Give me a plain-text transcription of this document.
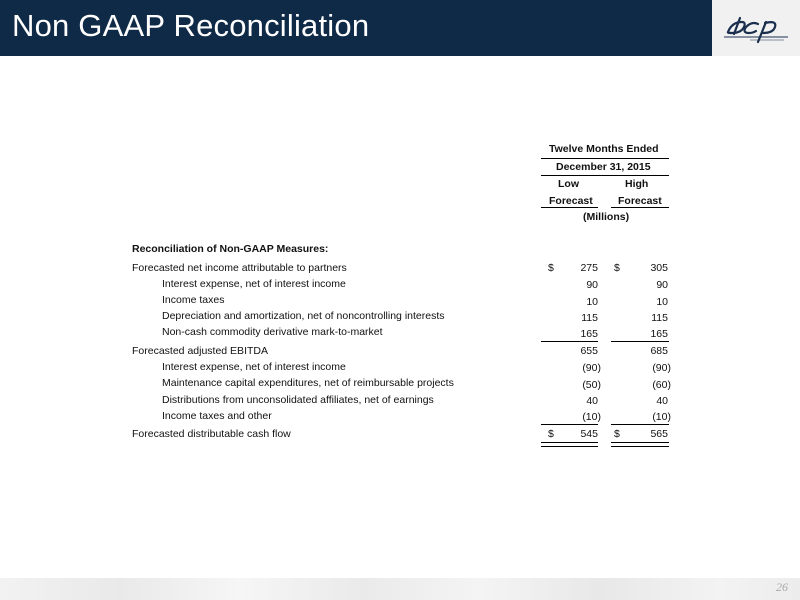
Non GAAP Reconciliation
Twelve Months Ended
December 31, 2015
Low	High
Forecast Forecast
(Millions)
Reconciliation of Non-GAAP Measures:
Forecasted net income attributable to partners	$	275 $	305
Interest expense, net of interest income	90	90
Income taxes	10	10
Depreciation and amortization, net of noncontrolling interests	115	115
Non-cash commodity derivative mark-to-market	165	165
Forecasted adjusted EBITDA	655	685
Interest expense, net of interest income	(90)	(90)
Maintenance capital expenditures, net of reimbursable projects	(50)	(60)
Distributions from unconsolidated affiliates, net of earnings	40	40
Income taxes and other	(10)	(10)
Forecasted distributable cash flow	$	545 $	565
26
